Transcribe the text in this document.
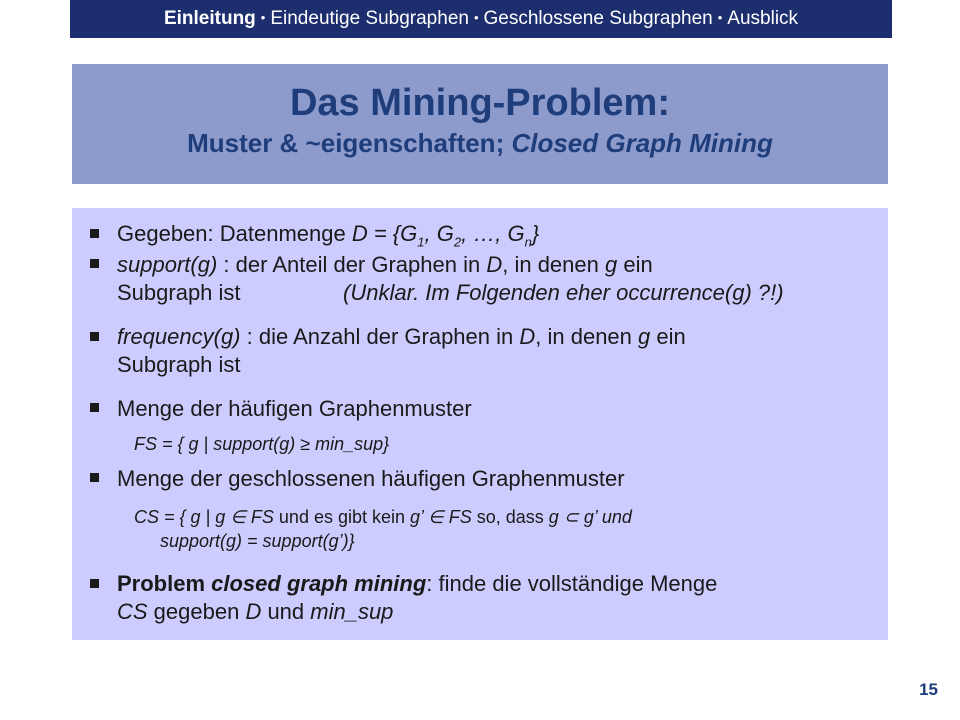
Einleitung • Eindeutige Subgraphen • Geschlossene Subgraphen • Ausblick
Das Mining-Problem:
Muster & ~eigenschaften; Closed Graph Mining
Gegeben: Datenmenge $D = \{G_1$, $G_2$, …, $G_n$}
support(g) : der Anteil der Graphen in D, in denen g ein
Subgraph ist	(Unklar. Im Folgenden eher occurrence(g) ?!)
frequency(g) : die Anzahl der Graphen in D, in denen g ein
Subgraph ist
Menge der häufigen Graphenmuster
FS = { g | support(g) ≥ min_sup}
Menge der geschlossenen häufigen Graphenmuster
CS = { g | g ∈ FS und es gibt kein g’ ∈ FS so, dass g ⊂ g’ und
support(g) = support(g’)}
Problem closed graph mining: finde die vollständige Menge
CS gegeben D und min_sup
15
